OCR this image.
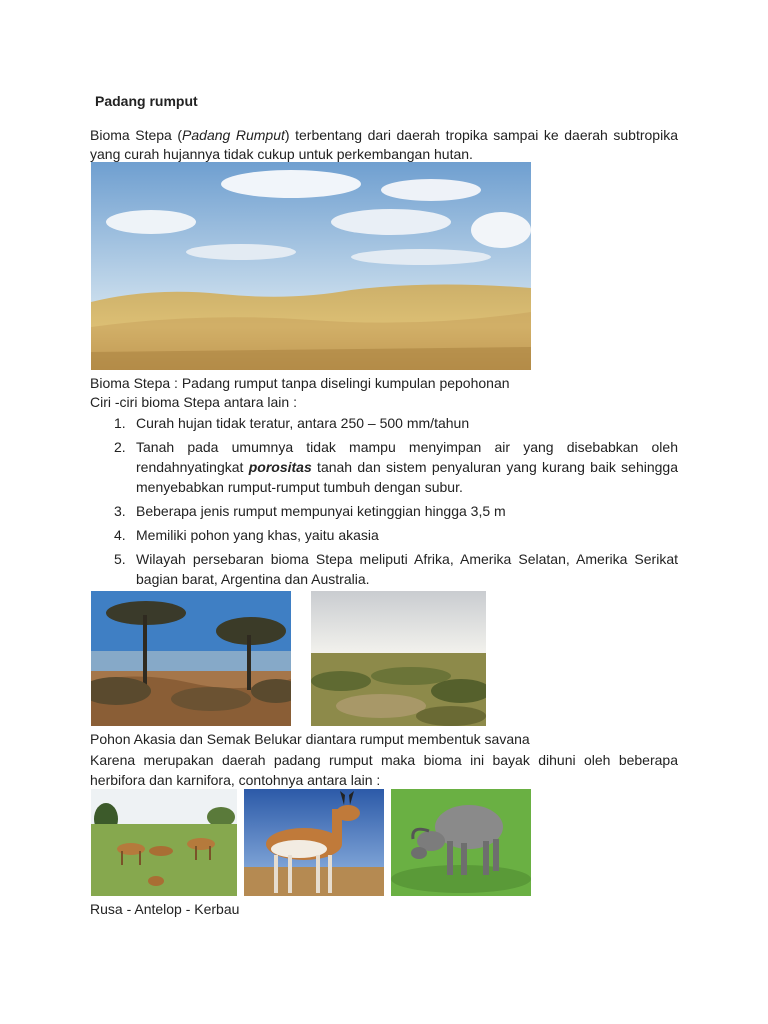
Padang rumput
Bioma Stepa (Padang Rumput) terbentang dari daerah tropika sampai ke daerah subtropika yang curah hujannya tidak cukup untuk perkembangan hutan.
Bioma Stepa : Padang rumput tanpa diselingi kumpulan pepohonan
Ciri -ciri bioma Stepa antara lain :
1. Curah hujan tidak teratur, antara 250 – 500 mm/tahun
2. Tanah pada umumnya tidak mampu menyimpan air yang disebabkan oleh rendahnyatingkat porositas tanah dan sistem penyaluran yang kurang baik sehingga menyebabkan rumput-rumput tumbuh dengan subur.
3. Beberapa jenis rumput mempunyai ketinggian hingga 3,5 m
4. Memiliki pohon yang khas, yaitu akasia
5. Wilayah persebaran bioma Stepa meliputi Afrika, Amerika Selatan, Amerika Serikat bagian barat, Argentina dan Australia.
Pohon Akasia dan Semak Belukar diantara rumput membentuk savana
Karena merupakan daerah padang rumput maka bioma ini bayak dihuni oleh beberapa herbifora dan karnifora, contohnya antara lain :
Rusa - Antelop - Kerbau
